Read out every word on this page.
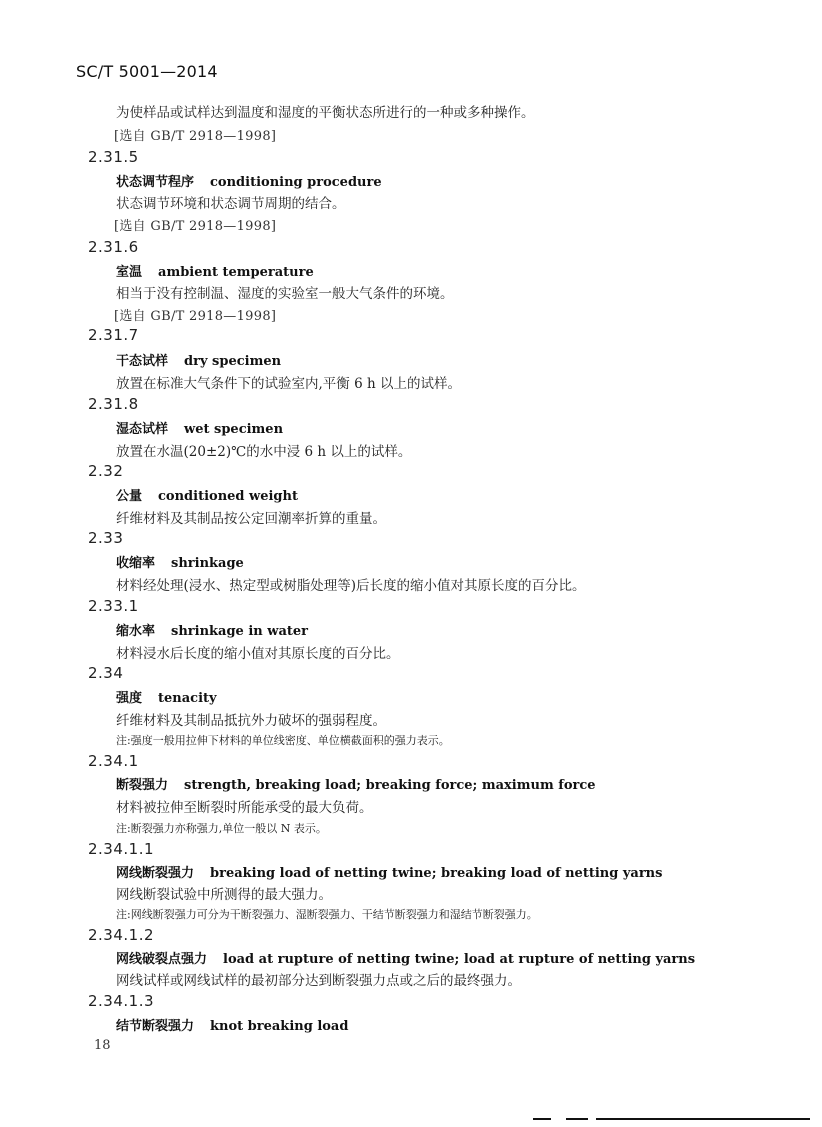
SC/T 5001—2014
为使样品或试样达到温度和湿度的平衡状态所进行的一种或多种操作。
[选自 GB/T 2918—1998]
2.31.5
状态调节程序 conditioning procedure
状态调节环境和状态调节周期的结合。
[选自 GB/T 2918—1998]
2.31.6
室温 ambient temperature
相当于没有控制温、湿度的实验室一般大气条件的环境。
[选自 GB/T 2918—1998]
2.31.7
干态试样 dry specimen
放置在标准大气条件下的试验室内,平衡 6 h 以上的试样。
2.31.8
湿态试样 wet specimen
放置在水温(20±2)℃的水中浸 6 h 以上的试样。
2.32
公量 conditioned weight
纤维材料及其制品按公定回潮率折算的重量。
2.33
收缩率 shrinkage
材料经处理(浸水、热定型或树脂处理等)后长度的缩小值对其原长度的百分比。
2.33.1
缩水率 shrinkage in water
材料浸水后长度的缩小值对其原长度的百分比。
2.34
强度 tenacity
纤维材料及其制品抵抗外力破坏的强弱程度。
注:强度一般用拉伸下材料的单位线密度、单位横截面积的强力表示。
2.34.1
断裂强力 strength, breaking load; breaking force; maximum force
材料被拉伸至断裂时所能承受的最大负荷。
注:断裂强力亦称强力,单位一般以 N 表示。
2.34.1.1
网线断裂强力 breaking load of netting twine; breaking load of netting yarns
网线断裂试验中所测得的最大强力。
注:网线断裂强力可分为干断裂强力、湿断裂强力、干结节断裂强力和湿结节断裂强力。
2.34.1.2
网线破裂点强力 load at rupture of netting twine; load at rupture of netting yarns
网线试样或网线试样的最初部分达到断裂强力点或之后的最终强力。
2.34.1.3
结节断裂强力 knot breaking load
18
